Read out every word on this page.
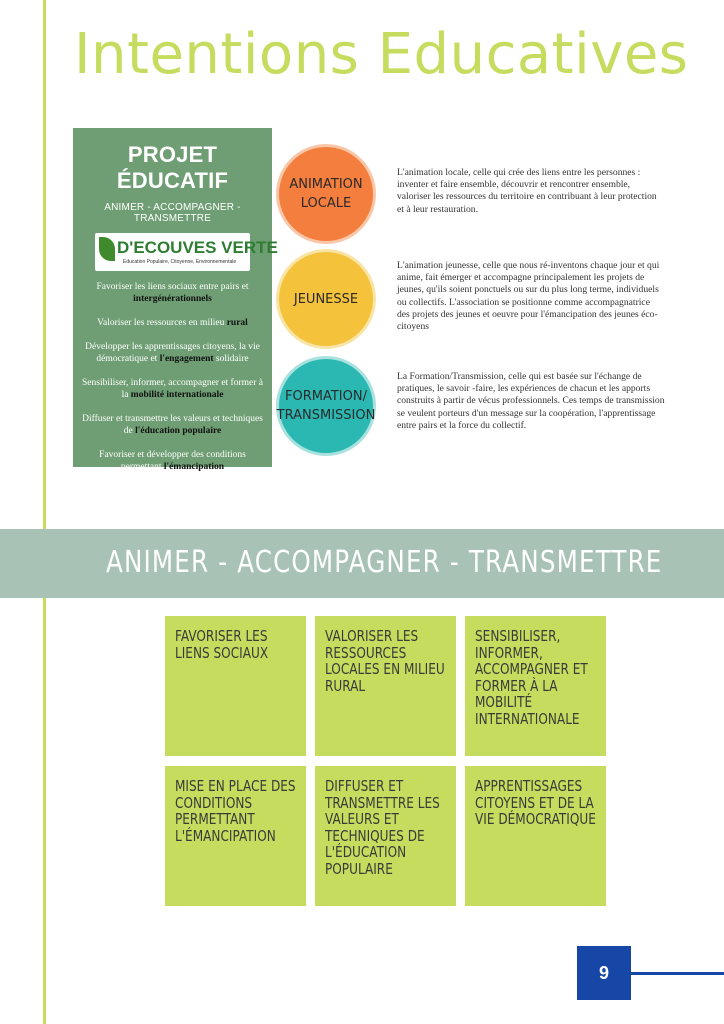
Intentions Educatives
PROJET ÉDUCATIF
ANIMER - ACCOMPAGNER - TRANSMETTRE
D'ECOUVES VERTE
Education Populaire, Citoyenne, Environnementale
Favoriser les liens sociaux entre pairs et intergénérationnels
Valoriser les ressources en milieu rural
Développer les apprentissages citoyens, la vie démocratique et l'engagement solidaire
Sensibiliser, informer, accompagner et former à la mobilité internationale
Diffuser et transmettre les valeurs et techniques de l'éducation populaire
Favoriser et développer des conditions permettant l'émancipation
ANIMATION
LOCALE
JEUNESSE
FORMATION/
TRANSMISSION
L'animation locale, celle qui crée des liens entre les personnes : inventer et faire ensemble, découvrir et rencontrer ensemble, valoriser les ressources du territoire en contribuant à leur protection et à leur restauration.
L'animation jeunesse, celle que nous ré-inventons chaque jour et qui anime, fait émerger et accompagne principalement les projets de jeunes, qu'ils soient ponctuels ou sur du plus long terme, individuels ou collectifs. L'association se positionne comme accompagnatrice des projets des jeunes et oeuvre pour l'émancipation des jeunes éco-citoyens
La Formation/Transmission, celle qui est basée sur l'échange de pratiques, le savoir -faire, les expériences de chacun et les apports construits à partir de vécus professionnels. Ces temps de transmission se veulent porteurs d'un message sur la coopération, l'apprentissage entre pairs et la force du collectif.
ANIMER - ACCOMPAGNER - TRANSMETTRE
FAVORISER LES LIENS SOCIAUX
VALORISER LES RESSOURCES LOCALES EN MILIEU RURAL
SENSIBILISER, INFORMER, ACCOMPAGNER ET FORMER À LA MOBILITÉ INTERNATIONALE
MISE EN PLACE DES CONDITIONS PERMETTANT L'ÉMANCIPATION
DIFFUSER ET TRANSMETTRE LES VALEURS ET TECHNIQUES DE L'ÉDUCATION POPULAIRE
APPRENTISSAGES CITOYENS ET DE LA VIE DÉMOCRATIQUE
9
